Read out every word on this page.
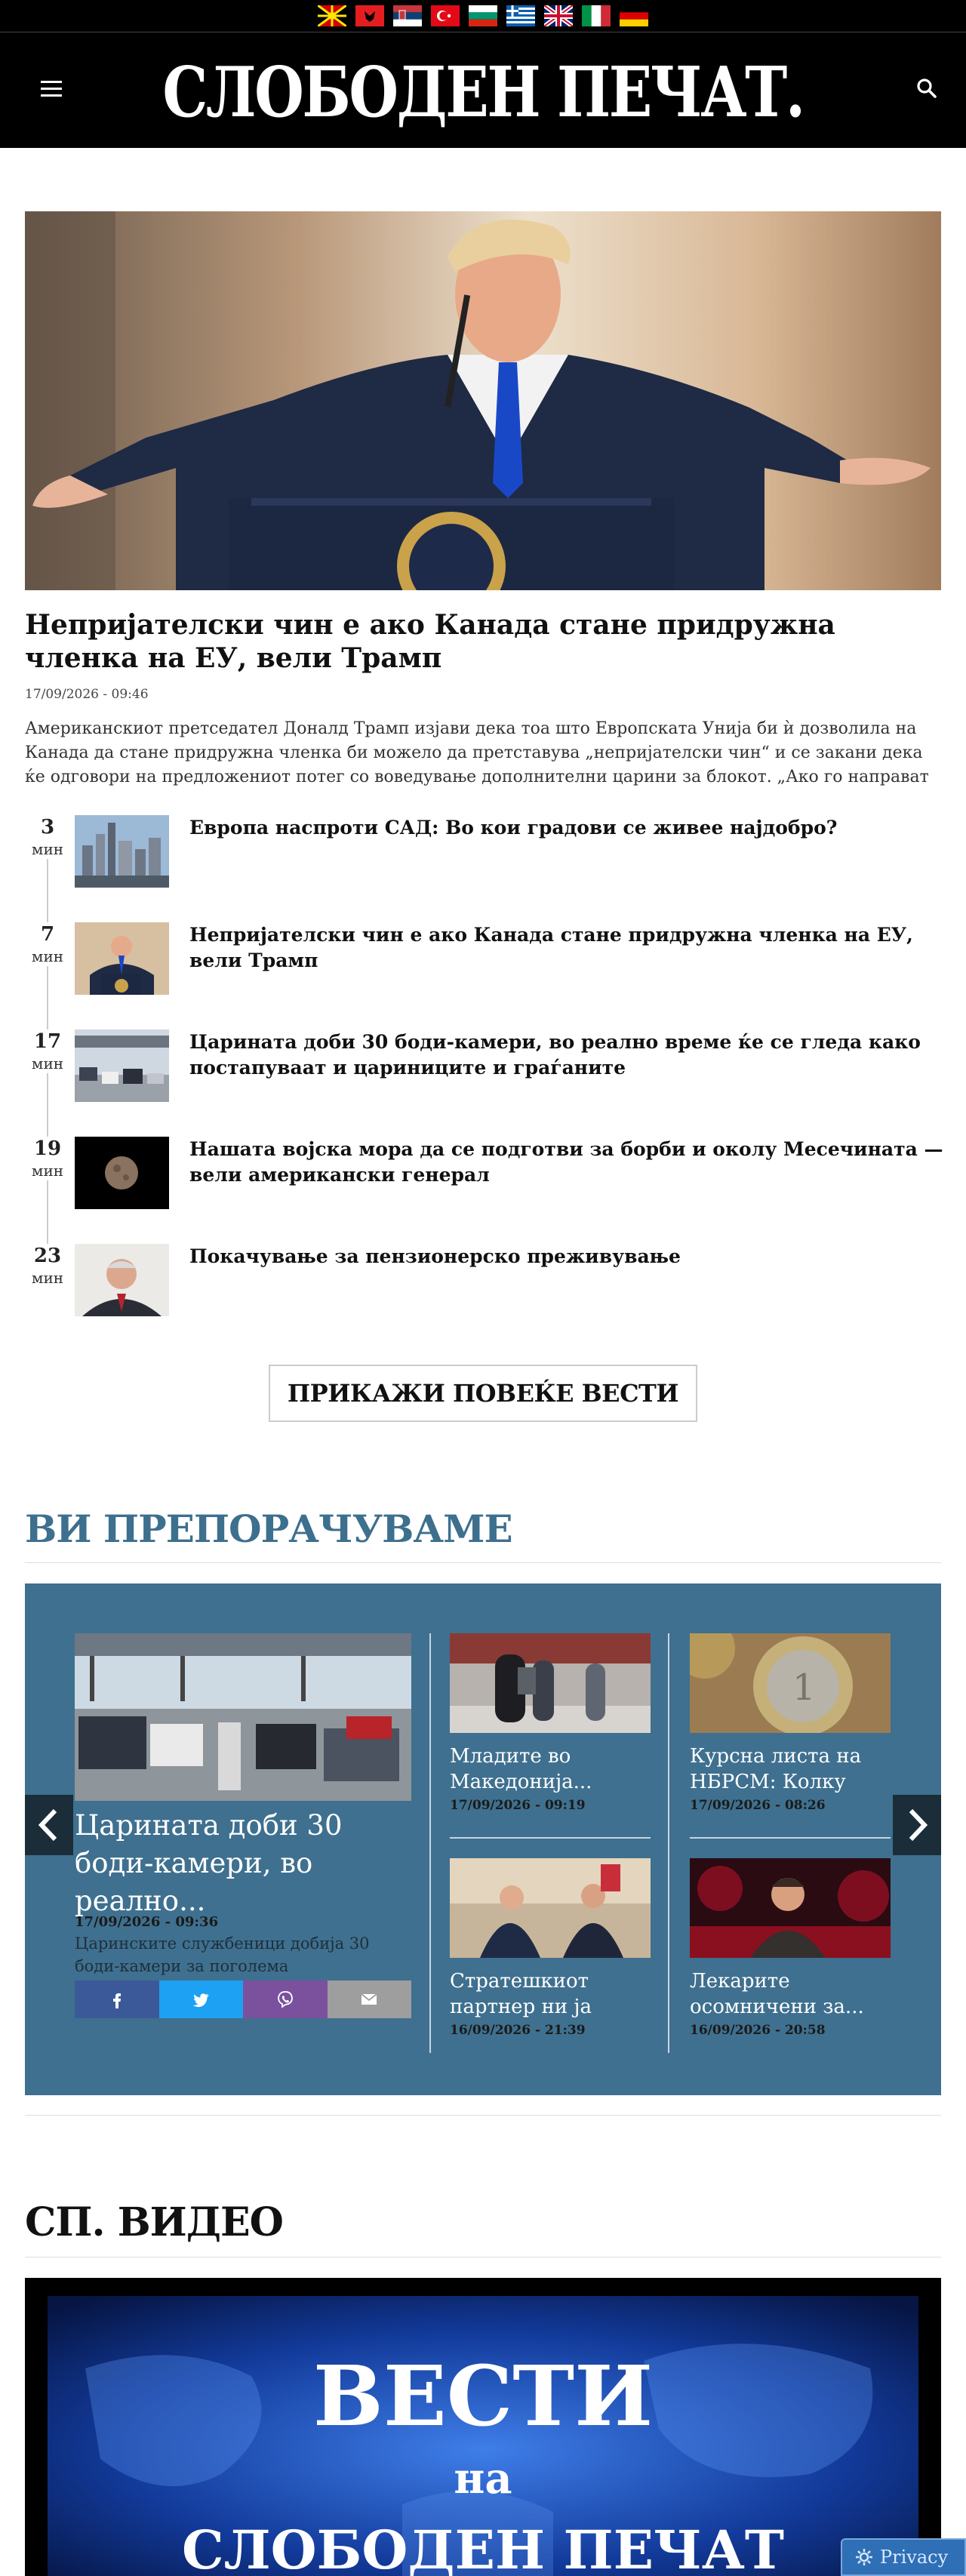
СЛОБОДЕН ПЕЧАТ.
Непријателски чин е ако Канада стане придружна членка на ЕУ, вели Трамп
17/09/2026 - 09:46
Американскиот претседател Доналд Трамп изјави дека тоа што Европската Унија би ѝ дозволила на Канада да стане придружна членка би можело да претставува „непријателски чин“ и се закани дека ќе одговори на предложениот потег со воведување дополнителни царини за блокот. „Ако го направат
3
мин
Европа наспроти САД: Во кои градови се живее најдобро?
7
мин
Непријателски чин е ако Канада стане придружна членка на ЕУ, вели Трамп
17
мин
Царината доби 30 боди-камери, во реално време ќе се гледа како постапуваат и цариниците и граѓаните
19
мин
Нашата војска мора да се подготви за борби и околу Месечината — вели американски генерал
23
мин
Покачување за пензионерско преживување
ПРИКАЖИ ПОВЕЌЕ ВЕСТИ
ВИ ПРЕПОРАЧУВАМЕ
Царината доби 30 боди-камери, во реално...
17/09/2026 - 09:36
Царинските службеници добија 30 боди-камери за поголема
Младите во Македонија...
17/09/2026 - 09:19
1
Курсна листа на НБРСМ: Колку
17/09/2026 - 08:26
Стратешкиот партнер ни ја
16/09/2026 - 21:39
Лекарите осомничени за...
16/09/2026 - 20:58
СП. ВИДЕО
ВЕСТИ
на
СЛОБОДЕН ПЕЧАТ	Privacy
